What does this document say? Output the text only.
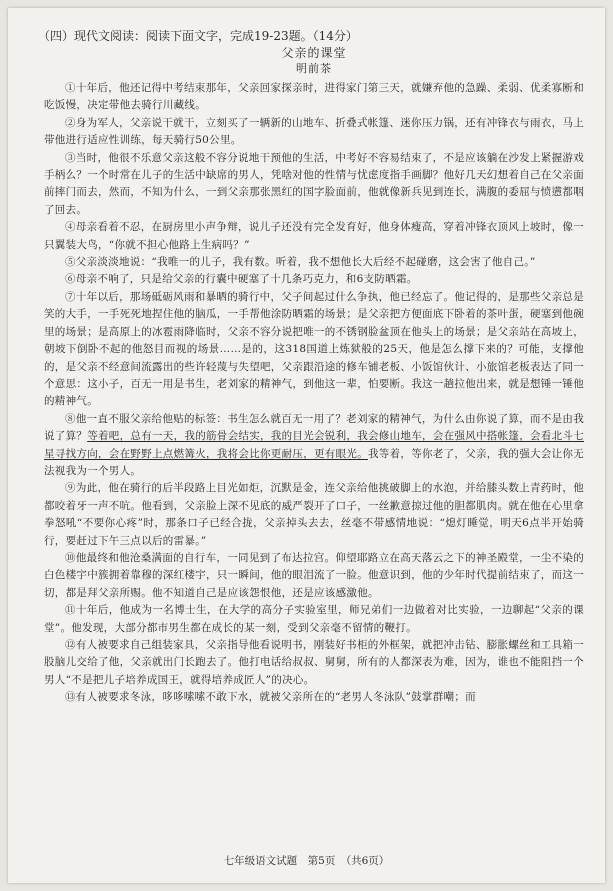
（四）现代文阅读：阅读下面文字，完成19-23题。（14分）
父亲的课堂
明前茶
①十年后，他还记得中考结束那年，父亲回家探亲时，进得家门第三天，就嫌弃他的急躁、柔弱、优柔寡断和吃饭慢，决定带他去骑行川藏线。
②身为军人，父亲说干就干，立刻买了一辆新的山地车、折叠式帐篷、迷你压力锅，还有冲锋衣与雨衣，马上带他进行适应性训练，每天骑行50公里。
③当时，他很不乐意父亲这般不容分说地干预他的生活，中考好不容易结束了，不是应该躺在沙发上紧握游戏手柄么？一个时常在儿子的生活中缺席的男人，凭啥对他的性情与忧虑度指手画脚？他好几天幻想着自己在父亲面前摔门而去，然而，不知为什么，一到父亲那张黑红的国字脸面前，他就像新兵见到连长，满腹的委屈与愤懑都咽了回去。
④母亲看着不忍，在厨房里小声争辩，说儿子还没有完全发育好，他身体瘦高，穿着冲锋衣顶风上坡时，像一只翼装大鸟，“你就不担心他路上生病吗？”
⑤父亲淡淡地说：“我唯一的儿子，我有数。听着，我不想他长大后经不起碰磨，这会害了他自己。”
⑥母亲不响了，只是给父亲的行囊中硬塞了十几条巧克力，和6支防晒霜。
⑦十年以后，那场砥砺风雨和暴晒的骑行中，父子间起过什么争执，他已经忘了。他记得的，是那些父亲总是笑的大手，一手死死地捏住他的脑瓜，一手帮他涂防晒霜的场景；是父亲把方便面底下卧着的茶叶蛋，硬塞到他碗里的场景；是高原上的冰雹雨降临时，父亲不容分说把唯一的不锈钢脸盆顶在他头上的场景；是父亲站在高坡上，朝坡下倒卧不起的他怒目而视的场景……是的，这318国道上炼狱般的25天，他是怎么撑下来的？可能，支撑他的，是父亲不经意间流露出的些许轻蔑与失望吧，父亲跟沿途的修车铺老板、小饭馆伙计、小旅馆老板表达了同一个意思：这小子，百无一用是书生，老刘家的精神气，到他这一辈，怕要断。我这一趟拉他出来，就是想锤一锤他的精神气。
⑧他一直不服父亲给他贴的标签：书生怎么就百无一用了？老刘家的精神气，为什么由你说了算，而不是由我说了算？等着吧，总有一天，我的筋骨会结实，我的目光会锐利，我会修山地车，会在强风中搭帐篷，会看北斗七星寻找方向，会在野野上点燃篝火，我将会比你更耐压，更有眼光。我等着，等你老了，父亲，我的强大会让你无法视我为一个男人。
⑨为此，他在骑行的后半段路上目光如炬，沉默是金，连父亲给他挑破脚上的水泡，并给膝头数上青药时，他都咬着牙一声不吭。他看到，父亲脸上深不见底的威严裂开了口子，一丝歉意掠过他的胆都肌肉。就在他在心里拿拳怒吼“不要你心疼”时，那条口子已经合拢，父亲掉头去去，丝毫不带感情地说：“熄灯睡觉，明天6点半开始骑行，要赶过下午三点以后的雷暴。”
⑩他最终和他沧桑满面的自行车，一同见到了布达拉宫。仰望耶路立在高天落云之下的神圣殿堂，一尘不染的白色楼宇中簇拥着靠穆的深红楼宇，只一瞬间，他的眼泪流了一脸。他意识到，他的少年时代提前结束了，而这一切，都是拜父亲所赐。他不知道自己是应该怨恨他，还是应该感激他。
⑪十年后，他成为一名博士生，在大学的高分子实验室里，师兄弟们一边做着对比实验，一边聊起“父亲的课堂”。他发现，大部分都市男生都在成长的某一刻，受到父亲毫不留情的鞭打。
⑫有人被要求自己组装家具，父亲指导他看说明书，刚装好书柜的外框架，就把冲击钻、膨胀螺丝和工具箱一股脑儿交给了他，父亲就出门长跑去了。他打电话给叔叔、舅舅，所有的人都深表为难，因为，谁也不能阻挡一个男人“不是把儿子培养成国王，就得培养成匠人”的决心。
⑬有人被要求冬泳，哆哆嗦嗦不敢下水，就被父亲所在的“老男人冬泳队”鼓掌群嘲；而
七年级语文试题　第5页　（共6页）
